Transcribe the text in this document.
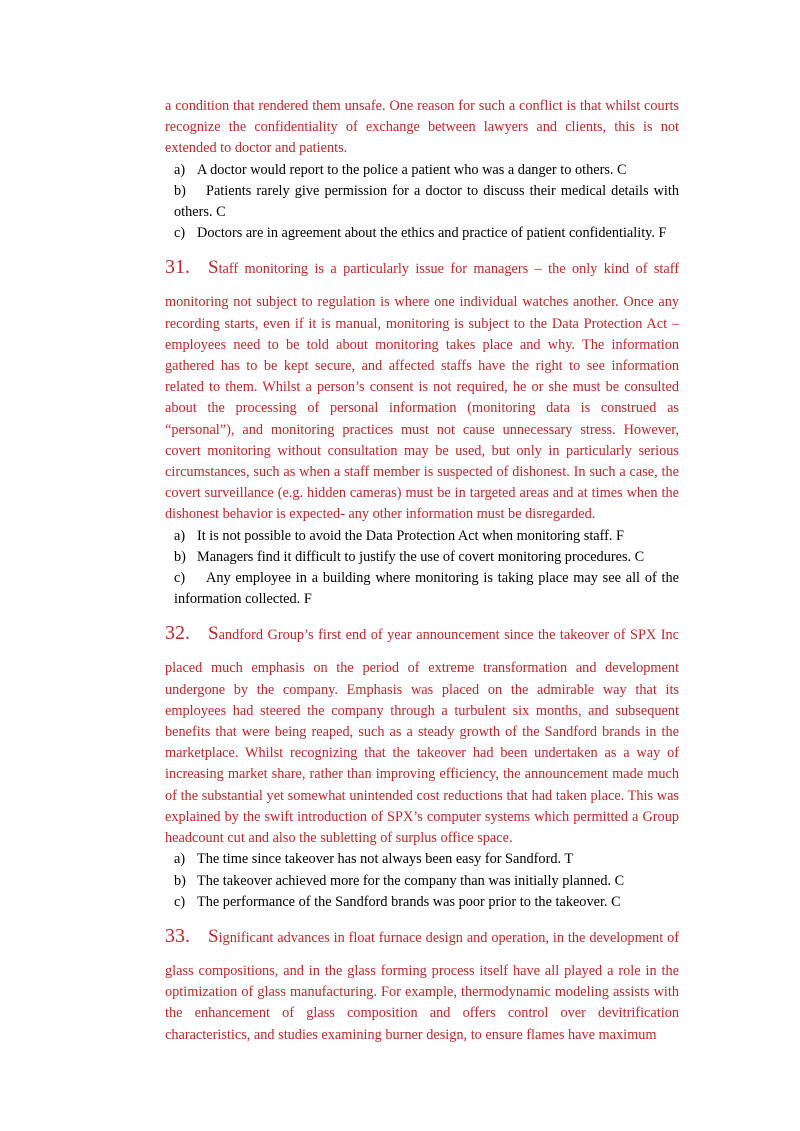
a condition that rendered them unsafe. One reason for such a conflict is that whilst courts recognize the confidentiality of exchange between lawyers and clients, this is not extended to doctor and patients.

a) A doctor would report to the police a patient who was a danger to others. C
b) Patients rarely give permission for a doctor to discuss their medical details with others. C
c) Doctors are in agreement about the ethics and practice of patient confidentiality. F
31. Staff monitoring is a particularly issue for managers – the only kind of staff

monitoring not subject to regulation is where one individual watches another. Once any recording starts, even if it is manual, monitoring is subject to the Data Protection Act – employees need to be told about monitoring takes place and why. The information gathered has to be kept secure, and affected staffs have the right to see information related to them. Whilst a person’s consent is not required, he or she must be consulted about the processing of personal information (monitoring data is construed as “personal”), and monitoring practices must not cause unnecessary stress. However, covert monitoring without consultation may be used, but only in particularly serious circumstances, such as when a staff member is suspected of dishonest. In such a case, the covert surveillance (e.g. hidden cameras) must be in targeted areas and at times when the dishonest behavior is expected- any other information must be disregarded.

a) It is not possible to avoid the Data Protection Act when monitoring staff. F
b) Managers find it difficult to justify the use of covert monitoring procedures. C
c) Any employee in a building where monitoring is taking place may see all of the information collected. F
32. Sandford Group’s first end of year announcement since the takeover of SPX Inc

placed much emphasis on the period of extreme transformation and development undergone by the company. Emphasis was placed on the admirable way that its employees had steered the company through a turbulent six months, and subsequent benefits that were being reaped, such as a steady growth of the Sandford brands in the marketplace. Whilst recognizing that the takeover had been undertaken as a way of increasing market share, rather than improving efficiency, the announcement made much of the substantial yet somewhat unintended cost reductions that had taken place. This was explained by the swift introduction of SPX’s computer systems which permitted a Group headcount cut and also the subletting of surplus office space.

a) The time since takeover has not always been easy for Sandford. T
b) The takeover achieved more for the company than was initially planned. C
c) The performance of the Sandford brands was poor prior to the takeover. C
33. Significant advances in float furnace design and operation, in the development of

glass compositions, and in the glass forming process itself have all played a role in the optimization of glass manufacturing. For example, thermodynamic modeling assists with the enhancement of glass composition and offers control over devitrification characteristics, and studies examining burner design, to ensure flames have maximum
